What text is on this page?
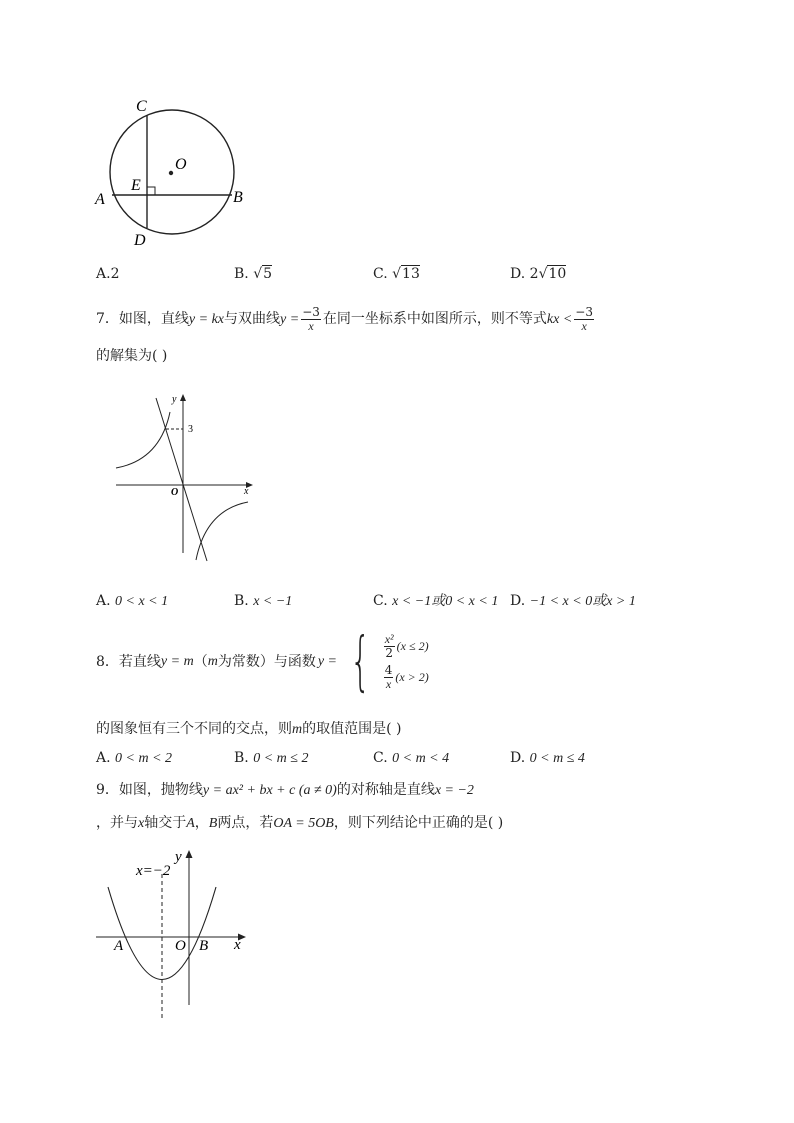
C
O
E
A	B
D
A.2	B. √5	C. √13	D. 2√10
7．如图，直线y = kx与双曲线$y = \frac{-3}{x}$ 在同一坐标系中如图所示，则不等式kx < $\frac{-3}{x}$
的解集为( )
y
x
O
3
A. 0 < x < 1	B. x < −1	C. x < −1或0 < x < 1 D. −1 < x < 0或x > 1
8． 若直线 y = m （ m 为常数）与函数 y = { $\frac{\text{x²}}{2} (x \le 2)$
$\frac{4}{x} (x > 2)$
的图象恒有三个不同的交点，则m的取值范围是( )
A. 0 < m < 2	B. 0 < m ≤ 2	C. 0 < m < 4	D. 0 < m ≤ 4
9．如图，抛物线y = ax² + bx + c (a ≠ 0)的对称轴是直线x = −2
，并与x轴交于A，B两点，若OA = 5OB，则下列结论中正确的是( )
x=−2
y
x
A	O B
